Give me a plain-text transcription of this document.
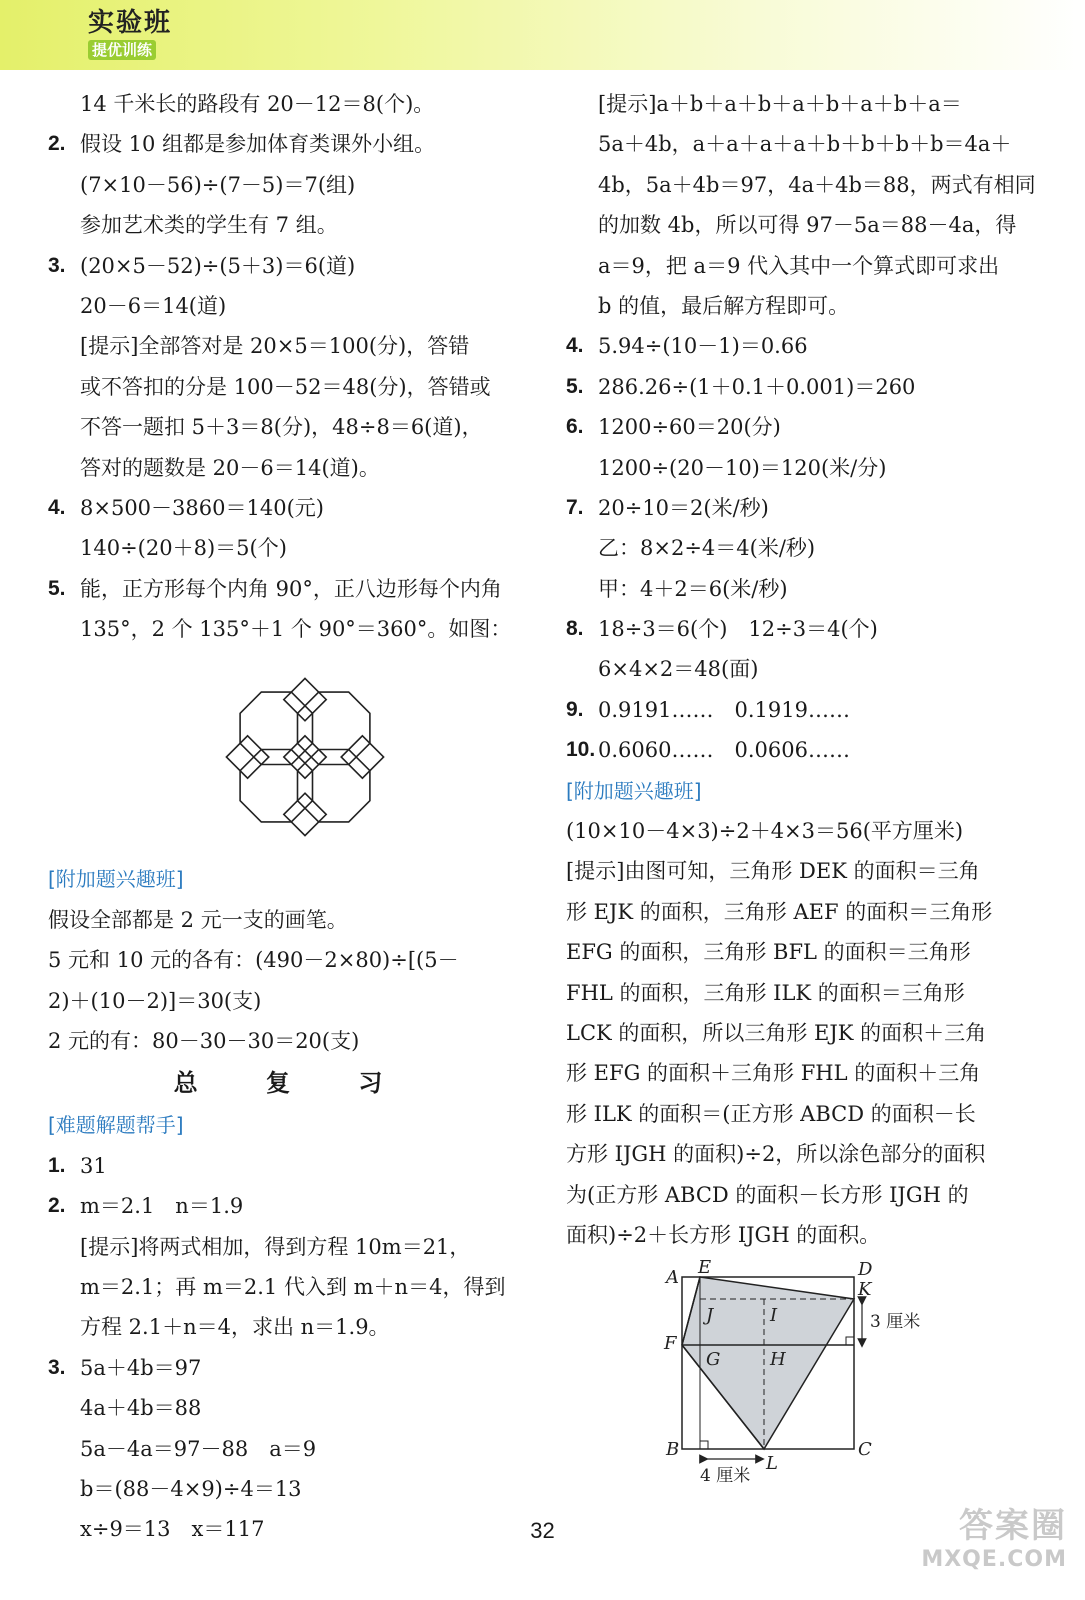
实验班
提优训练
14 千米长的路段有 20－12＝8(个)。
2. 假设 10 组都是参加体育类课外小组。
(7×10－56)÷(7－5)＝7(组)
参加艺术类的学生有 7 组。
3. (20×5－52)÷(5＋3)＝6(道)
20－6＝14(道)
[提示]全部答对是 20×5＝100(分)，答错
或不答扣的分是 100－52＝48(分)，答错或
不答一题扣 5＋3＝8(分)，48÷8＝6(道)，
答对的题数是 20－6＝14(道)。
4. 8×500－3860＝140(元)
140÷(20＋8)＝5(个)
5. 能，正方形每个内角 90°，正八边形每个内角
135°，2 个 135°＋1 个 90°＝360°。如图：
[附加题兴趣班]
假设全部都是 2 元一支的画笔。
5 元和 10 元的各有：(490－2×80)÷[(5－
2)＋(10－2)]＝30(支)
2 元的有：80－30－30＝20(支)
总 复 习
[难题解题帮手]
1. 31
2. m＝2.1　n＝1.9
[提示]将两式相加，得到方程 10m＝21，
m＝2.1；再 m＝2.1 代入到 m＋n＝4，得到
方程 2.1＋n＝4，求出 n＝1.9。
3. 5a＋4b＝97
4a＋4b＝88
5a－4a＝97－88　a＝9
b＝(88－4×9)÷4＝13
x÷9＝13　x＝117
[提示]a＋b＋a＋b＋a＋b＋a＋b＋a＝
5a＋4b，a＋a＋a＋a＋b＋b＋b＋b＝4a＋
4b，5a＋4b＝97，4a＋4b＝88，两式有相同
的加数 4b，所以可得 97－5a＝88－4a，得
a＝9，把 a＝9 代入其中一个算式即可求出
b 的值，最后解方程即可。
4. 5.94÷(10－1)＝0.66
5. 286.26÷(1＋0.1＋0.001)＝260
6. 1200÷60＝20(分)
1200÷(20－10)＝120(米/分)
7. 20÷10＝2(米/秒)
乙：8×2÷4＝4(米/秒)
甲：4＋2＝6(米/秒)
8. 18÷3＝6(个)　12÷3＝4(个)
6×4×2＝48(面)
9. 0.9191……　0.1919……
10. 0.6060……　0.0606……
[附加题兴趣班]
(10×10－4×3)÷2＋4×3＝56(平方厘米)
[提示]由图可知，三角形 DEK 的面积＝三角
形 EJK 的面积，三角形 AEF 的面积＝三角形
EFG 的面积，三角形 BFL 的面积＝三角形
FHL 的面积，三角形 ILK 的面积＝三角形
LCK 的面积，所以三角形 EJK 的面积＋三角
形 EFG 的面积＋三角形 FHL 的面积＋三角
形 ILK 的面积＝(正方形 ABCD 的面积－长
方形 IJGH 的面积)÷2，所以涂色部分的面积
为(正方形 ABCD 的面积－长方形 IJGH 的
面积)÷2＋长方形 IJGH 的面积。
A
B	C
D
E
F
G	H
I
J
K
L
3 厘米
4 厘米
32	答案圈
MXQE.COM
